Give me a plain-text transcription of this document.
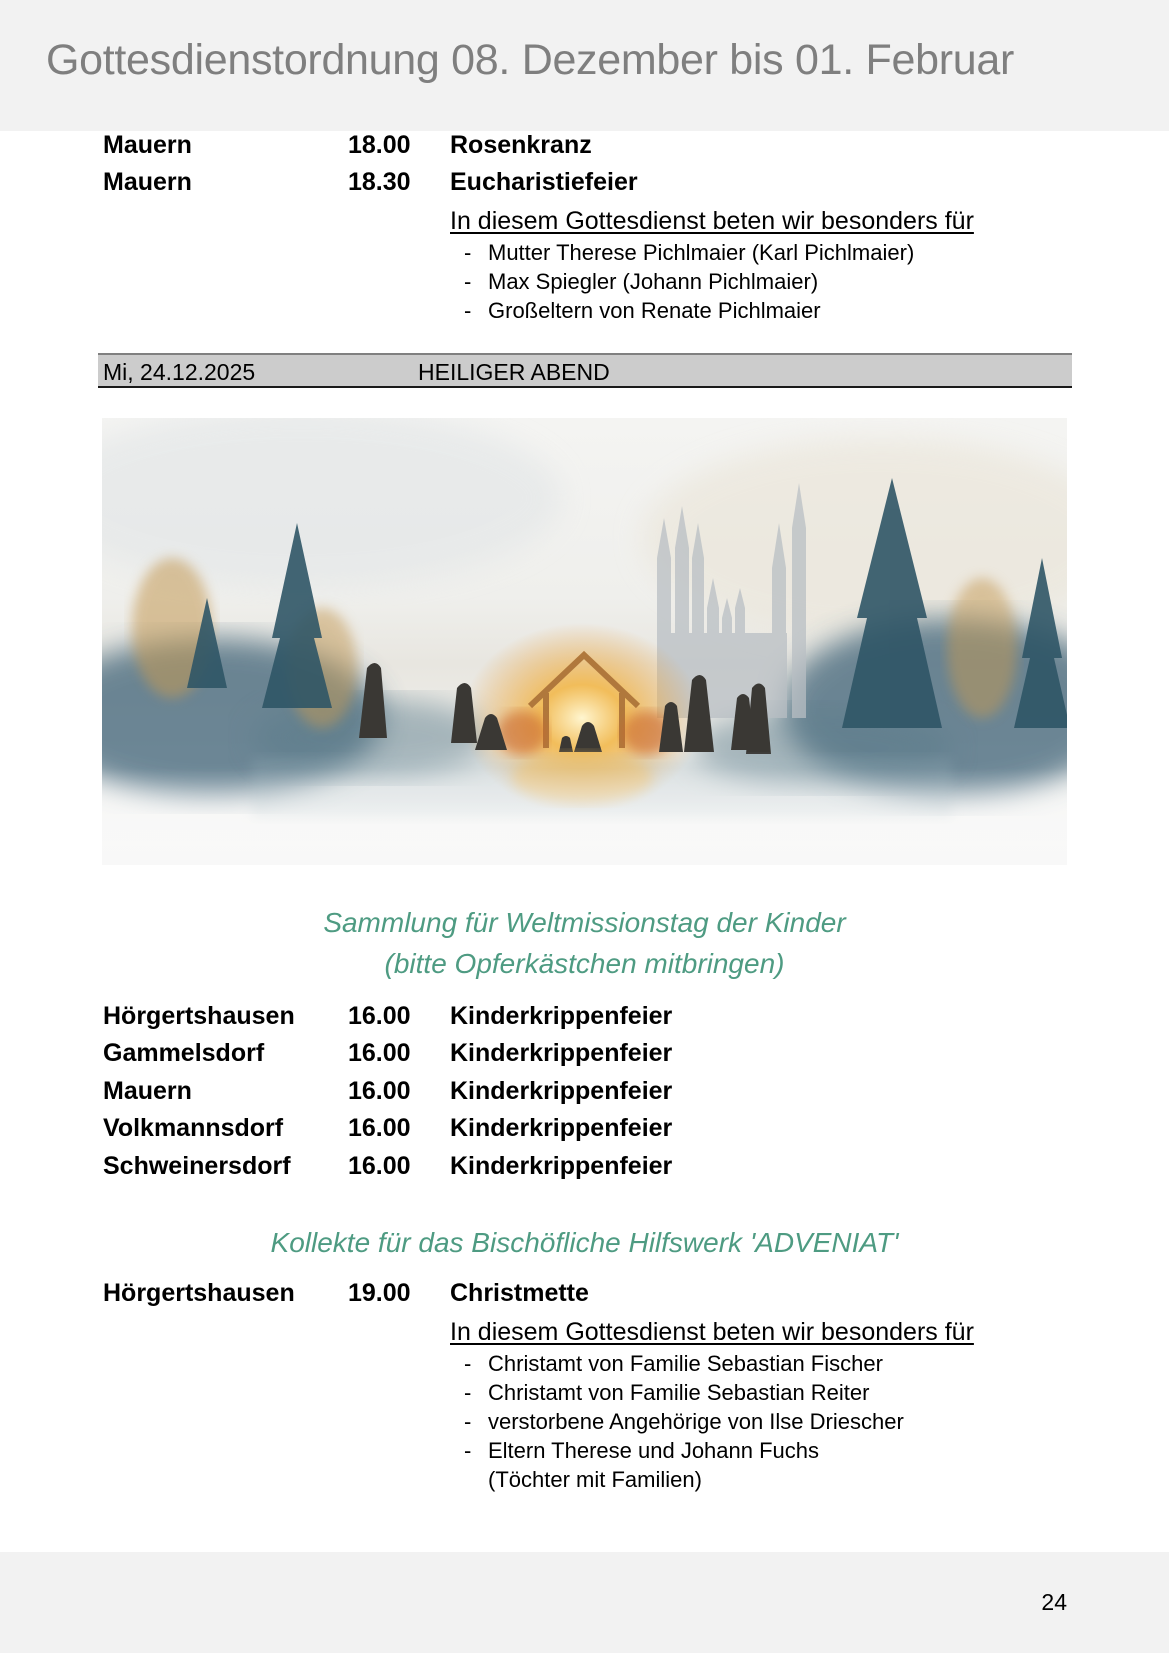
Gottesdienstordnung 08. Dezember bis 01. Februar
Mauern	18.00 Rosenkranz
Mauern	18.30 Eucharistiefeier
In diesem Gottesdienst beten wir besonders für
- Mutter Therese Pichlmaier (Karl Pichlmaier)
- Max Spiegler (Johann Pichlmaier)
- Großeltern von Renate Pichlmaier
Mi, 24.12.2025	HEILIGER ABEND
Sammlung für Weltmissionstag der Kinder
(bitte Opferkästchen mitbringen)
Hörgertshausen 16.00 Kinderkrippenfeier
Gammelsdorf	16.00 Kinderkrippenfeier
Mauern	16.00 Kinderkrippenfeier
Volkmannsdorf	16.00 Kinderkrippenfeier
Schweinersdorf 16.00 Kinderkrippenfeier
Kollekte für das Bischöfliche Hilfswerk 'ADVENIAT'
Hörgertshausen 19.00 Christmette
In diesem Gottesdienst beten wir besonders für
- Christamt von Familie Sebastian Fischer
- Christamt von Familie Sebastian Reiter
- verstorbene Angehörige von Ilse Driescher
- Eltern Therese und Johann Fuchs
(Töchter mit Familien)
24
